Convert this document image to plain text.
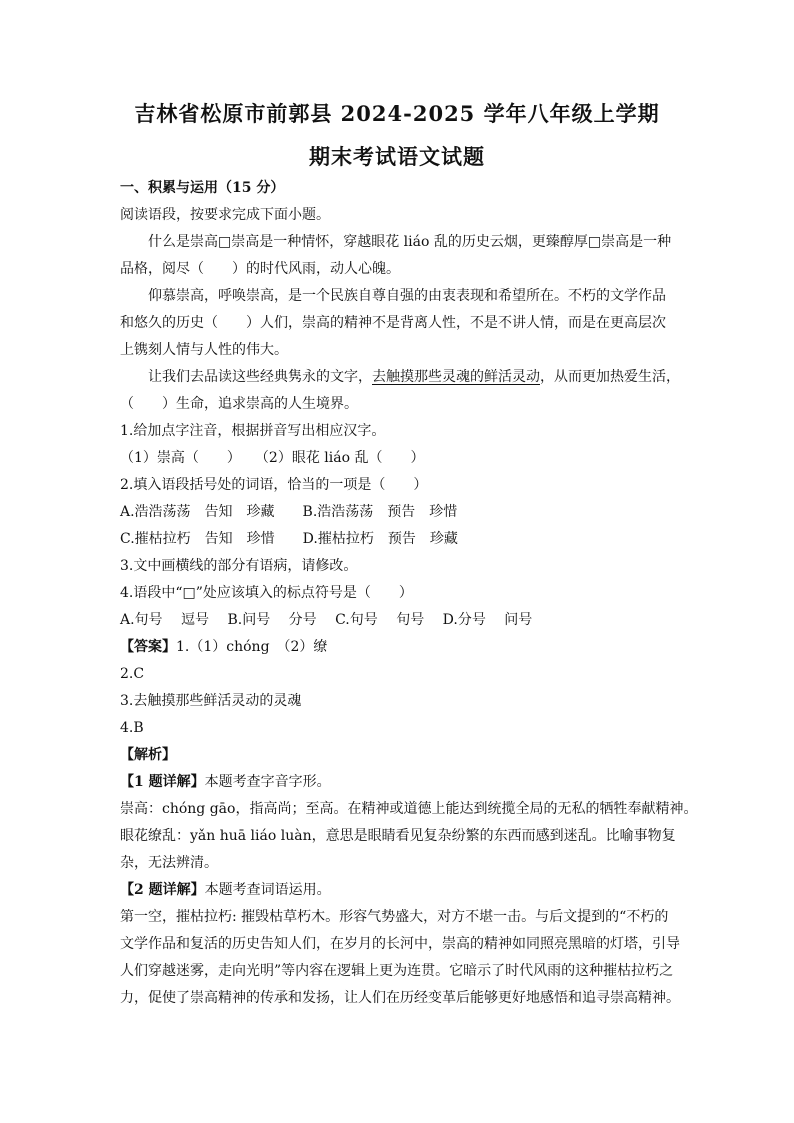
吉林省松原市前郭县 2024-2025 学年八年级上学期
期末考试语文试题
一、积累与运用（15 分）
阅读语段，按要求完成下面小题。
什么是崇高□崇高是一种情怀，穿越眼花 liáo 乱的历史云烟，更臻醇厚□崇高是一种
品格，阅尽（　　）的时代风雨，动人心魄。
仰慕崇高，呼唤崇高，是一个民族自尊自强的由衷表现和希望所在。不朽的文学作品
和悠久的历史（　　）人们，崇高的精神不是背离人性，不是不讲人情，而是在更高层次
上镌刻人情与人性的伟大。
让我们去品读这些经典隽永的文字，去触摸那些灵魂的鲜活灵动，从而更加热爱生活，
（　　）生命，追求崇高的人生境界。
1.给加点字注音，根据拼音写出相应汉字。
（1）崇高（　　）　　（2）眼花 liáo 乱（　　）
2.填入语段括号处的词语，恰当的一项是（　　）
A.浩浩荡荡　告知　珍藏　　B.浩浩荡荡　预告　珍惜
C.摧枯拉朽　告知　珍惜　　D.摧枯拉朽　预告　珍藏
3.文中画横线的部分有语病，请修改。
4.语段中“□”处应该填入的标点符号是（　　）
A.句号　 逗号　 B.问号　 分号　 C.句号　 句号　 D.分号　 问号
【答案】1.（1）chóng　（2）缭
2.C
3.去触摸那些鲜活灵动的灵魂
4.B
【解析】
【1 题详解】本题考查字音字形。
崇高：chóng gāo，指高尚；至高。在精神或道德上能达到统揽全局的无私的牺牲奉献精神。
眼花缭乱：yǎn huā liáo luàn，意思是眼睛看见复杂纷繁的东西而感到迷乱。比喻事物复
杂，无法辨清。
【2 题详解】本题考查词语运用。
第一空，摧枯拉朽: 摧毁枯草朽木。形容气势盛大，对方不堪一击。与后文提到的“不朽的
文学作品和复活的历史告知人们，在岁月的长河中，崇高的精神如同照亮黑暗的灯塔，引导
人们穿越迷雾，走向光明”等内容在逻辑上更为连贯。它暗示了时代风雨的这种摧枯拉朽之
力，促使了崇高精神的传承和发扬，让人们在历经变革后能够更好地感悟和追寻崇高精神。
